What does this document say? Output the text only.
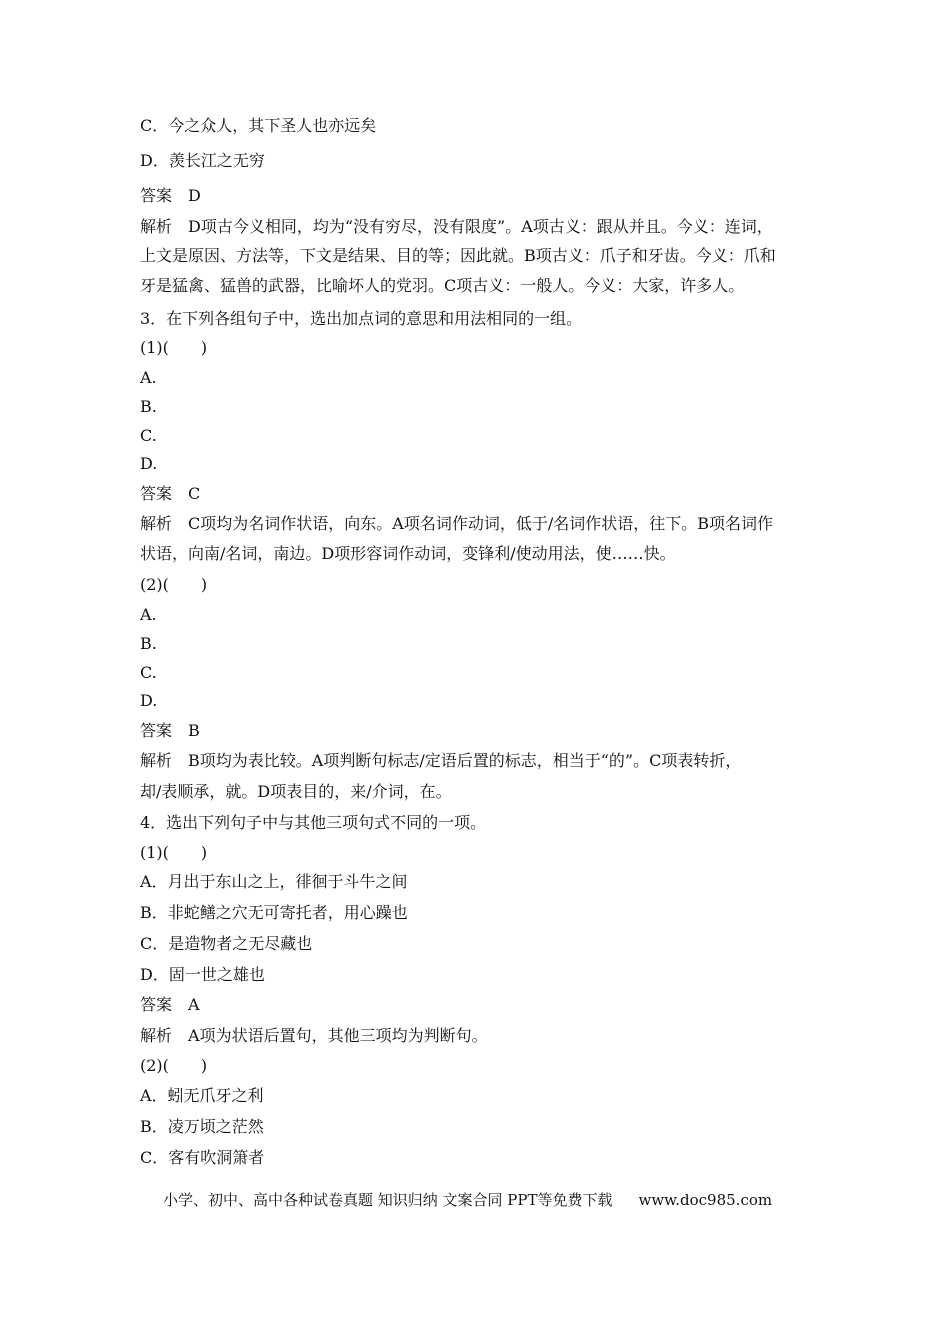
C．今之众人，其下圣人也亦远矣
D．羡长江之无穷
答案 D
解析 D项古今义相同，均为“没有穷尽，没有限度”。A项古义：跟从并且。今义：连词，
上文是原因、方法等，下文是结果、目的等；因此就。B项古义：爪子和牙齿。今义：爪和
牙是猛禽、猛兽的武器，比喻坏人的党羽。C项古义：一般人。今义：大家，许多人。
3．在下列各组句子中，选出加点词的意思和用法相同的一组。
(1)(　　)
A.
B.
C.
D.
答案 C
解析 C项均为名词作状语，向东。A项名词作动词，低于/名词作状语，往下。B项名词作
状语，向南/名词，南边。D项形容词作动词，变锋利/使动用法，使……快。
(2)(　　)
A.
B.
C.
D.
答案 B
解析 B项均为表比较。A项判断句标志/定语后置的标志，相当于“的”。C项表转折，
却/表顺承，就。D项表目的，来/介词，在。
4．选出下列句子中与其他三项句式不同的一项。
(1)(　　)
A．月出于东山之上，徘徊于斗牛之间
B．非蛇鳝之穴无可寄托者，用心躁也
C．是造物者之无尽藏也
D．固一世之雄也
答案 A
解析 A项为状语后置句，其他三项均为判断句。
(2)(　　)
A．蚓无爪牙之利
B．凌万顷之茫然
C．客有吹洞箫者
小学、初中、高中各种试卷真题 知识归纳 文案合同 PPT等免费下载 www.doc985.com
